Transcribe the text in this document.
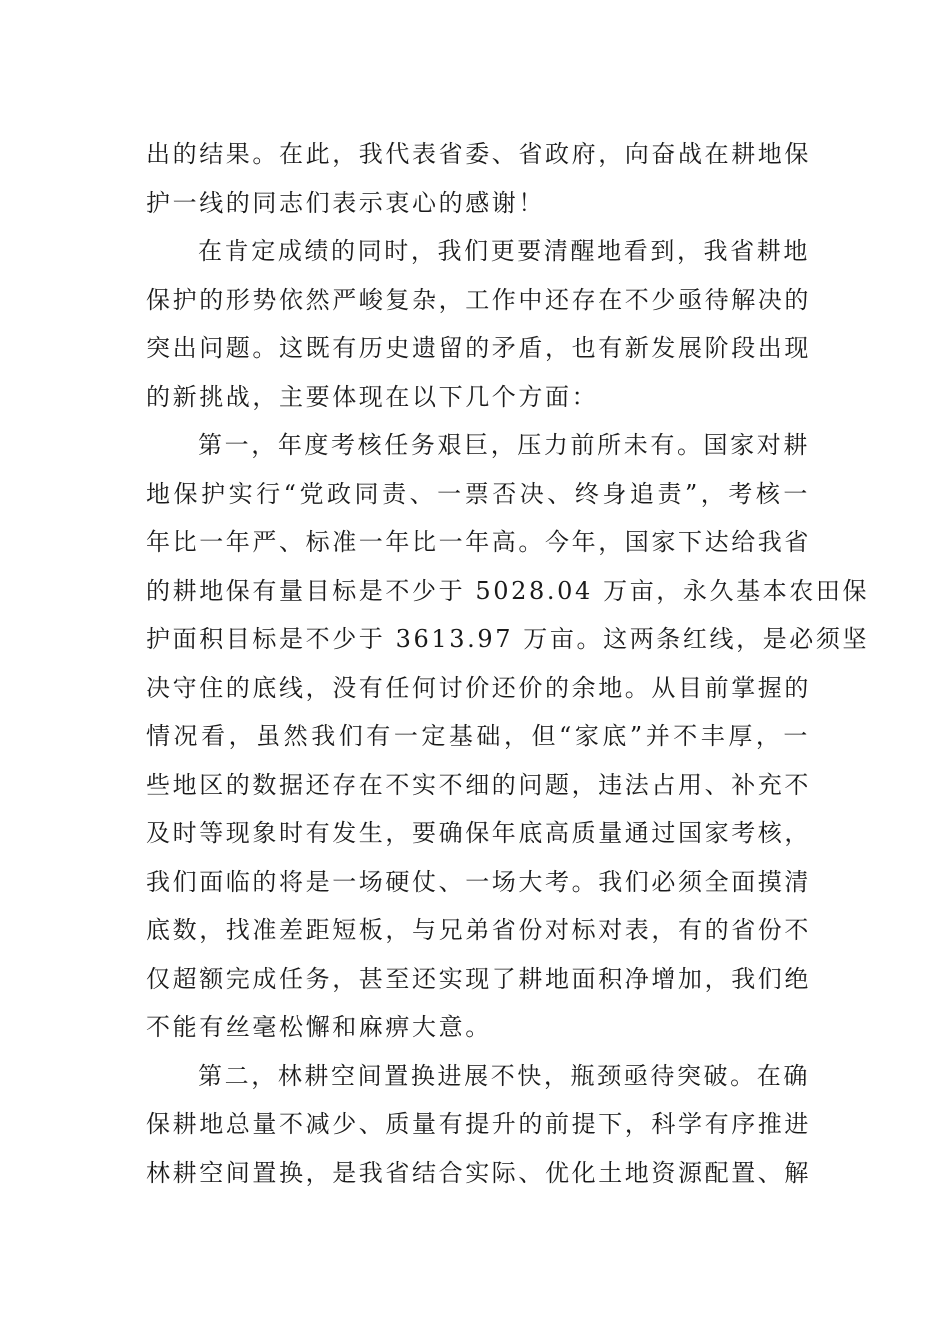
出的结果。在此，我代表省委、省政府，向奋战在耕地保
护一线的同志们表示衷心的感谢！
在肯定成绩的同时，我们更要清醒地看到，我省耕地
保护的形势依然严峻复杂，工作中还存在不少亟待解决的
突出问题。这既有历史遗留的矛盾，也有新发展阶段出现
的新挑战，主要体现在以下几个方面：
第一，年度考核任务艰巨，压力前所未有。国家对耕
地保护实行“党政同责、一票否决、终身追责”，考核一
年比一年严、标准一年比一年高。今年，国家下达给我省
的耕地保有量目标是不少于 5028.04 万亩，永久基本农田保
护面积目标是不少于 3613.97 万亩。这两条红线，是必须坚
决守住的底线，没有任何讨价还价的余地。从目前掌握的
情况看，虽然我们有一定基础，但“家底”并不丰厚，一
些地区的数据还存在不实不细的问题，违法占用、补充不
及时等现象时有发生，要确保年底高质量通过国家考核，
我们面临的将是一场硬仗、一场大考。我们必须全面摸清
底数，找准差距短板，与兄弟省份对标对表，有的省份不
仅超额完成任务，甚至还实现了耕地面积净增加，我们绝
不能有丝毫松懈和麻痹大意。
第二，林耕空间置换进展不快，瓶颈亟待突破。在确
保耕地总量不减少、质量有提升的前提下，科学有序推进
林耕空间置换，是我省结合实际、优化土地资源配置、解
